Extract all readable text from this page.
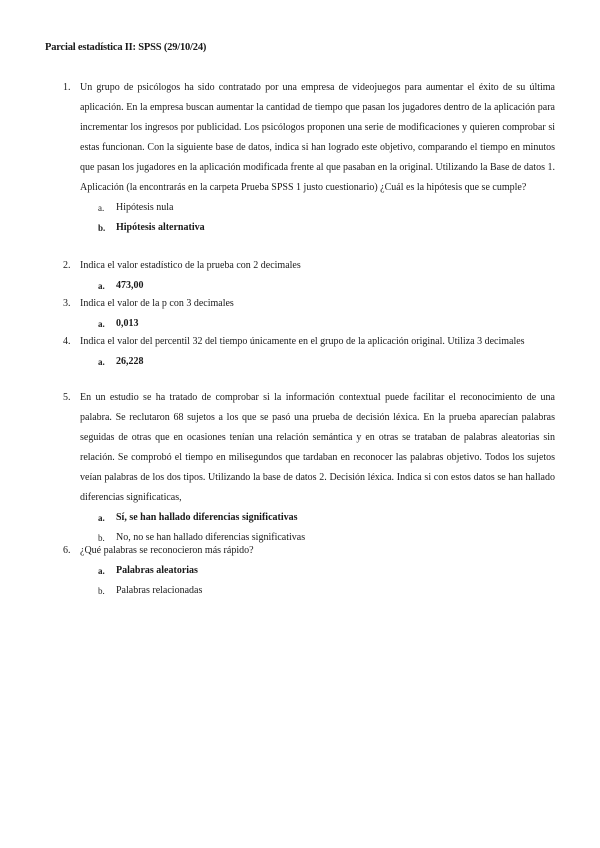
Parcial estadística II: SPSS (29/10/24)
1. Un grupo de psicólogos ha sido contratado por una empresa de videojuegos para aumentar el éxito de su última aplicación. En la empresa buscan aumentar la cantidad de tiempo que pasan los jugadores dentro de la aplicación para incrementar los ingresos por publicidad. Los psicólogos proponen una serie de modificaciones y quieren comprobar si estas funcionan. Con la siguiente base de datos, indica si han logrado este objetivo, comparando el tiempo en minutos que pasan los jugadores en la aplicación modificada frente al que pasaban en la original. Utilizando la Base de datos 1. Aplicación (la encontrarás en la carpeta Prueba SPSS 1 justo cuestionario) ¿Cuál es la hipótesis que se cumple?
a. Hipótesis nula
b. Hipótesis alternativa
2. Indica el valor estadístico de la prueba con 2 decimales
a. 473,00
3. Indica el valor de la p con 3 decimales
a. 0,013
4. Indica el valor del percentil 32 del tiempo únicamente en el grupo de la aplicación original. Utiliza 3 decimales
a. 26,228
5. En un estudio se ha tratado de comprobar si la información contextual puede facilitar el reconocimiento de una palabra. Se reclutaron 68 sujetos a los que se pasó una prueba de decisión léxica. En la prueba aparecían palabras seguidas de otras que en ocasiones tenían una relación semántica y en otras se trataban de palabras aleatorias sin relación. Se comprobó el tiempo en milisegundos que tardaban en reconocer las palabras objetivo. Todos los sujetos veían palabras de los dos tipos. Utilizando la base de datos 2. Decisión léxica. Indica si con estos datos se han hallado diferencias significaticas,
a. Sí, se han hallado diferencias significativas
b. No, no se han hallado diferencias significativas
6. ¿Qué palabras se reconocieron más rápido?
a. Palabras aleatorias
b. Palabras relacionadas
